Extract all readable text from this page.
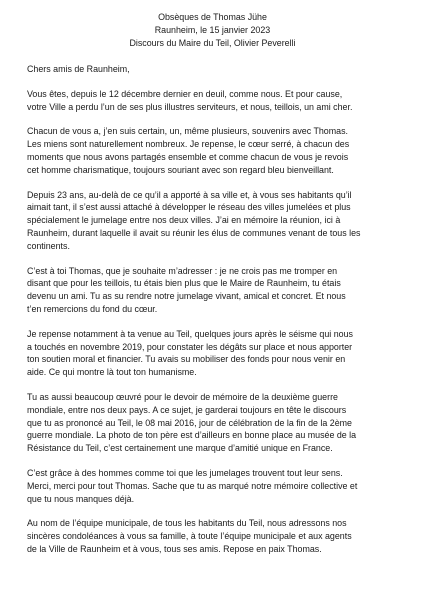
Obsèques de Thomas Jühe
Raunheim, le 15 janvier 2023
Discours du Maire du Teil, Olivier Peverelli

Chers amis de Raunheim,

Vous êtes, depuis le 12 décembre dernier en deuil, comme nous. Et pour cause,
votre Ville a perdu l’un de ses plus illustres serviteurs, et nous, teillois, un ami cher.

Chacun de vous a, j’en suis certain, un, même plusieurs, souvenirs avec Thomas.
Les miens sont naturellement nombreux. Je repense, le cœur serré, à chacun des
moments que nous avons partagés ensemble et comme chacun de vous je revois
cet homme charismatique, toujours souriant avec son regard bleu bienveillant.

Depuis 23 ans, au-delà de ce qu’il a apporté à sa ville et, à vous ses habitants qu’il
aimait tant, il s’est aussi attaché à développer le réseau des villes jumelées et plus
spécialement le jumelage entre nos deux villes. J’ai en mémoire la réunion, ici à
Raunheim, durant laquelle il avait su réunir les élus de communes venant de tous les
continents.

C’est à toi Thomas, que je souhaite m’adresser : je ne crois pas me tromper en
disant que pour les teillois, tu étais bien plus que le Maire de Raunheim, tu étais
devenu un ami. Tu as su rendre notre jumelage vivant, amical et concret. Et nous
t’en remercions du fond du cœur.

Je repense notamment à ta venue au Teil, quelques jours après le séisme qui nous
a touchés en novembre 2019, pour constater les dégâts sur place et nous apporter
ton soutien moral et financier. Tu avais su mobiliser des fonds pour nous venir en
aide. Ce qui montre là tout ton humanisme.

Tu as aussi beaucoup œuvré pour le devoir de mémoire de la deuxième guerre
mondiale, entre nos deux pays. A ce sujet, je garderai toujours en tête le discours
que tu as prononcé au Teil, le 08 mai 2016, jour de célébration de la fin de la 2ème
guerre mondiale. La photo de ton père est d’ailleurs en bonne place au musée de la
Résistance du Teil, c’est certainement une marque d’amitié unique en France.

C’est grâce à des hommes comme toi que les jumelages trouvent tout leur sens.
Merci, merci pour tout Thomas. Sache que tu as marqué notre mémoire collective et
que tu nous manques déjà.

Au nom de l’équipe municipale, de tous les habitants du Teil, nous adressons nos
sincères condoléances à vous sa famille, à toute l’équipe municipale et aux agents
de la Ville de Raunheim et à vous, tous ses amis. Repose en paix Thomas.
